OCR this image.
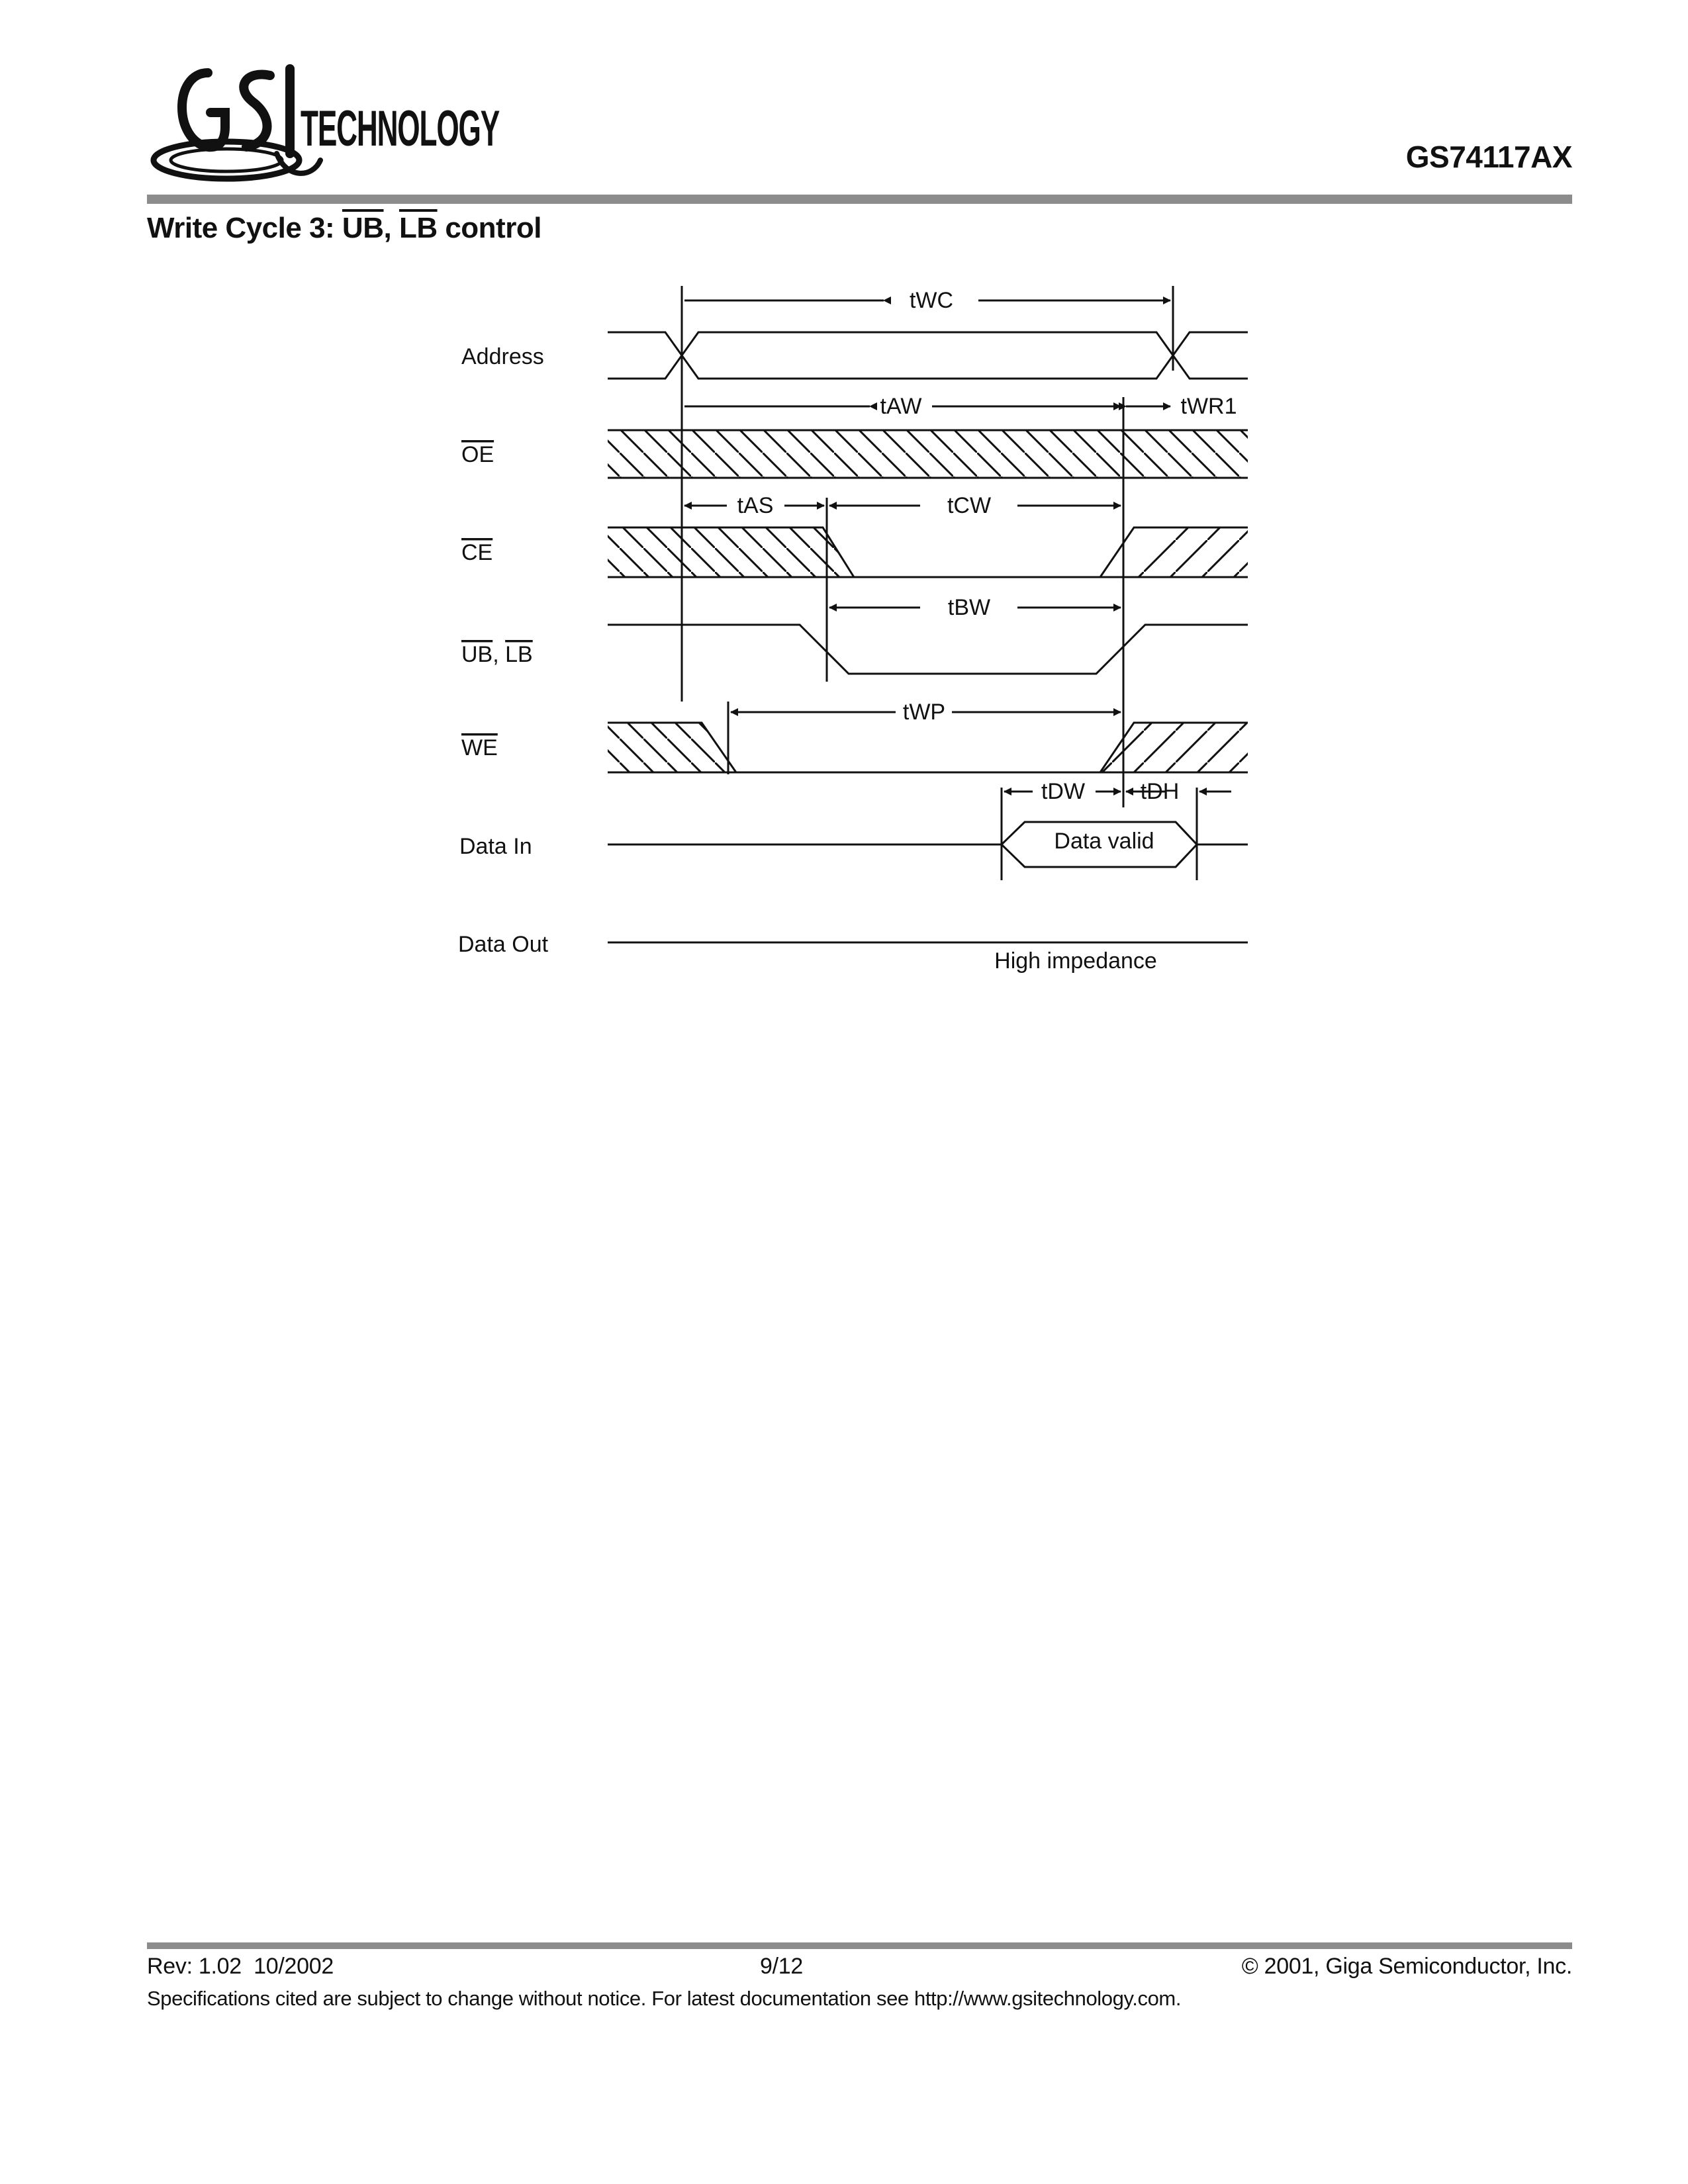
TECHNOLOGY	GS74117AX
Write Cycle 3: $\overline{UB}$, $\overline{LB}$ control
Address
OE
CE
UB, LB
WE
Data In
Data Out
tWC
tAW	tWR1
tAS	tCW
tBW
tWP
tDW tDH
Data valid
High impedance
Rev: 1.02  10/2002	9/12	© 2001, Giga Semiconductor, Inc.
Specifications cited are subject to change without notice. For latest documentation see http://www.gsitechnology.com.
